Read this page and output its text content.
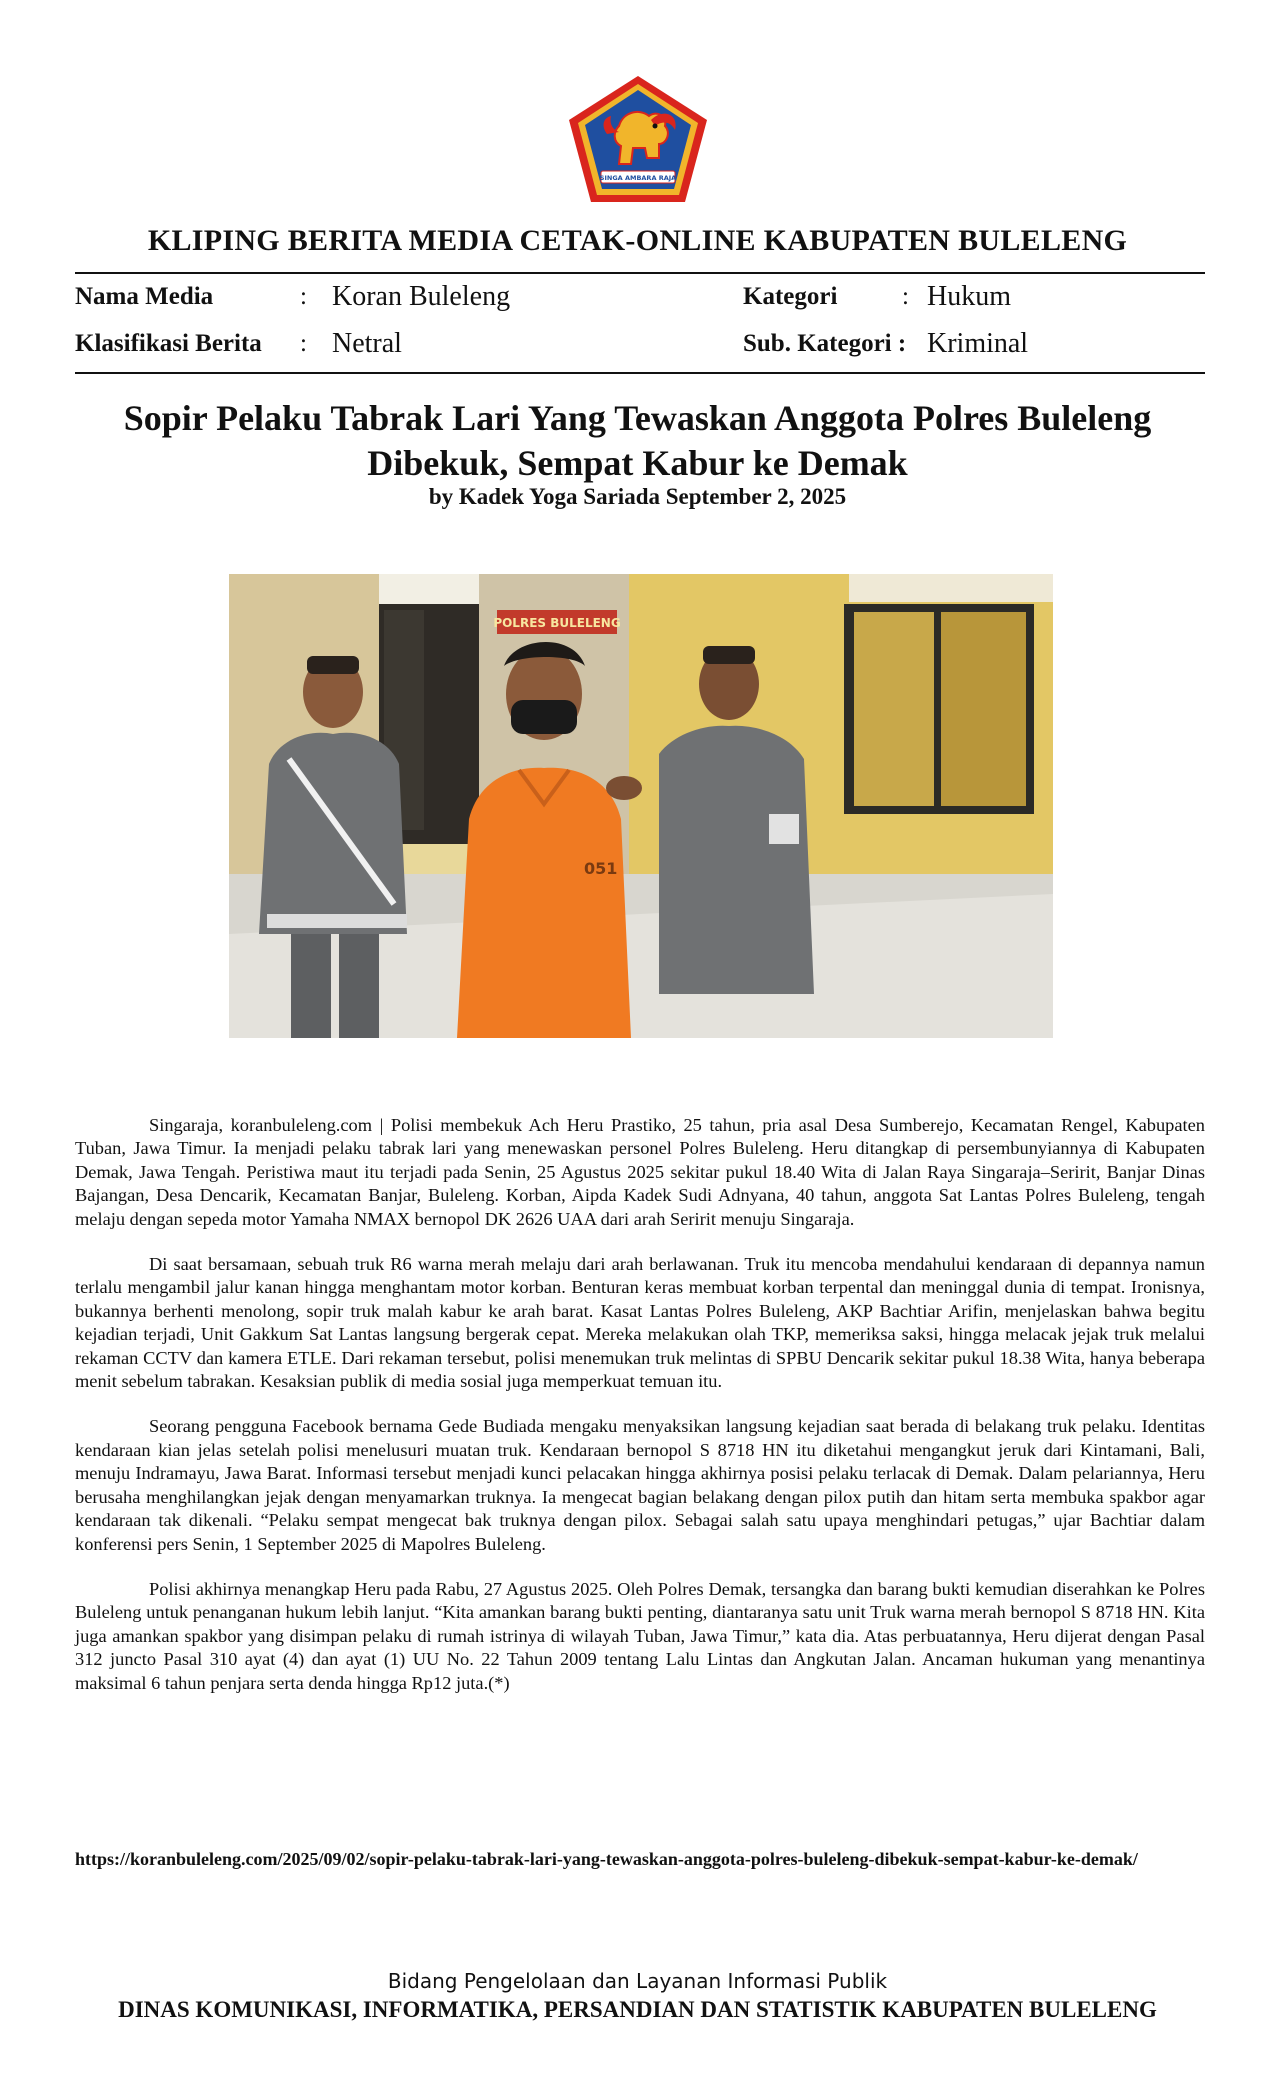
SINGA AMBARA RAJA
KLIPING BERITA MEDIA CETAK-ONLINE KABUPATEN BULELENG
Nama Media	: Koran Buleleng	Kategori	: Hukum
Klasifikasi Berita : Netral	Sub. Kategori : Kriminal
Sopir Pelaku Tabrak Lari Yang Tewaskan Anggota Polres Buleleng Dibekuk, Sempat Kabur ke Demak
by Kadek Yoga Sariada September 2, 2025
POLRES BULELENG
051

Singaraja, koranbuleleng.com | Polisi membekuk Ach Heru Prastiko, 25 tahun, pria asal Desa Sumberejo, Kecamatan Rengel, Kabupaten Tuban, Jawa Timur. Ia menjadi pelaku tabrak lari yang menewaskan personel Polres Buleleng. Heru ditangkap di persembunyiannya di Kabupaten Demak, Jawa Tengah. Peristiwa maut itu terjadi pada Senin, 25 Agustus 2025 sekitar pukul 18.40 Wita di Jalan Raya Singaraja–Seririt, Banjar Dinas Bajangan, Desa Dencarik, Kecamatan Banjar, Buleleng. Korban, Aipda Kadek Sudi Adnyana, 40 tahun, anggota Sat Lantas Polres Buleleng, tengah melaju dengan sepeda motor Yamaha NMAX bernopol DK 2626 UAA dari arah Seririt menuju Singaraja.

Di saat bersamaan, sebuah truk R6 warna merah melaju dari arah berlawanan. Truk itu mencoba mendahului kendaraan di depannya namun terlalu mengambil jalur kanan hingga menghantam motor korban. Benturan keras membuat korban terpental dan meninggal dunia di tempat. Ironisnya, bukannya berhenti menolong, sopir truk malah kabur ke arah barat. Kasat Lantas Polres Buleleng, AKP Bachtiar Arifin, menjelaskan bahwa begitu kejadian terjadi, Unit Gakkum Sat Lantas langsung bergerak cepat. Mereka melakukan olah TKP, memeriksa saksi, hingga melacak jejak truk melalui rekaman CCTV dan kamera ETLE. Dari rekaman tersebut, polisi menemukan truk melintas di SPBU Dencarik sekitar pukul 18.38 Wita, hanya beberapa menit sebelum tabrakan. Kesaksian publik di media sosial juga memperkuat temuan itu.

Seorang pengguna Facebook bernama Gede Budiada mengaku menyaksikan langsung kejadian saat berada di belakang truk pelaku. Identitas kendaraan kian jelas setelah polisi menelusuri muatan truk. Kendaraan bernopol S 8718 HN itu diketahui mengangkut jeruk dari Kintamani, Bali, menuju Indramayu, Jawa Barat. Informasi tersebut menjadi kunci pelacakan hingga akhirnya posisi pelaku terlacak di Demak. Dalam pelariannya, Heru berusaha menghilangkan jejak dengan menyamarkan truknya. Ia mengecat bagian belakang dengan pilox putih dan hitam serta membuka spakbor agar kendaraan tak dikenali. “Pelaku sempat mengecat bak truknya dengan pilox. Sebagai salah satu upaya menghindari petugas,” ujar Bachtiar dalam konferensi pers Senin, 1 September 2025 di Mapolres Buleleng.

Polisi akhirnya menangkap Heru pada Rabu, 27 Agustus 2025. Oleh Polres Demak, tersangka dan barang bukti kemudian diserahkan ke Polres Buleleng untuk penanganan hukum lebih lanjut. “Kita amankan barang bukti penting, diantaranya satu unit Truk warna merah bernopol S 8718 HN. Kita juga amankan spakbor yang disimpan pelaku di rumah istrinya di wilayah Tuban, Jawa Timur,” kata dia. Atas perbuatannya, Heru dijerat dengan Pasal 312 juncto Pasal 310 ayat (4) dan ayat (1) UU No. 22 Tahun 2009 tentang Lalu Lintas dan Angkutan Jalan. Ancaman hukuman yang menantinya maksimal 6 tahun penjara serta denda hingga Rp12 juta.(*)

https://koranbuleleng.com/2025/09/02/sopir-pelaku-tabrak-lari-yang-tewaskan-anggota-polres-buleleng-dibekuk-sempat-kabur-ke-demak/
Bidang Pengelolaan dan Layanan Informasi Publik
DINAS KOMUNIKASI, INFORMATIKA, PERSANDIAN DAN STATISTIK KABUPATEN BULELENG
